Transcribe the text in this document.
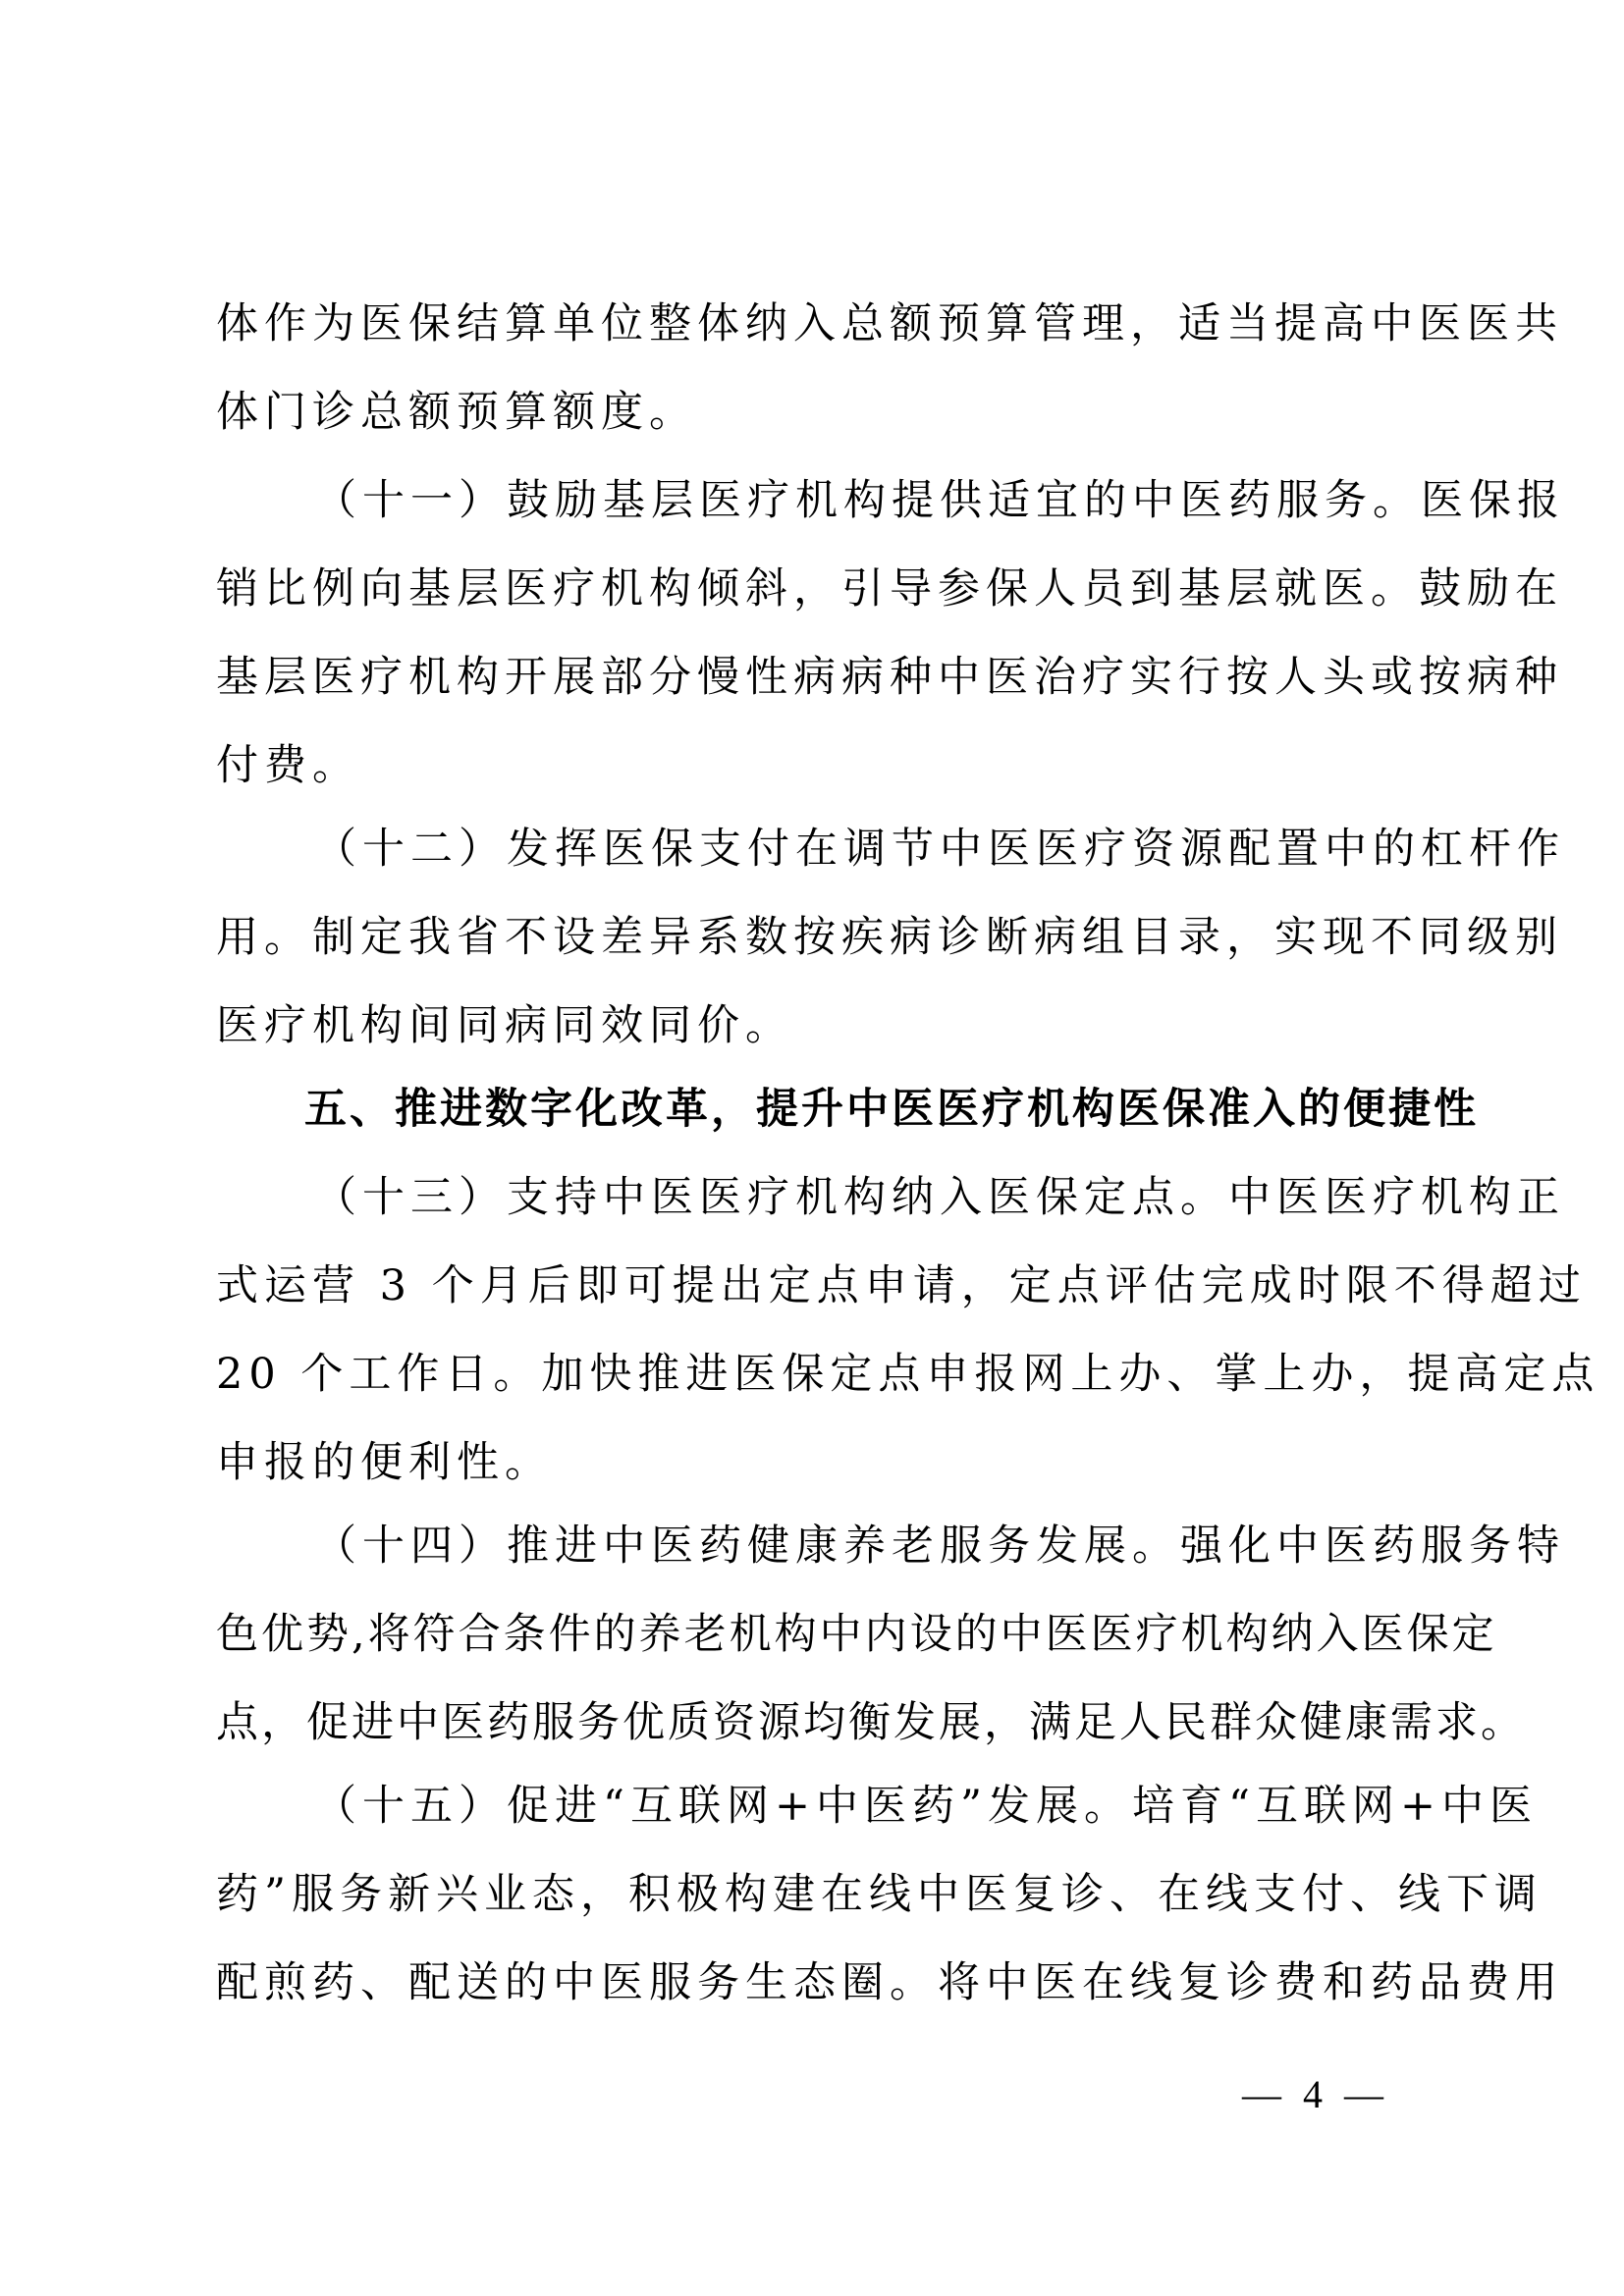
体作为医保结算单位整体纳入总额预算管理，适当提高中医医共
体门诊总额预算额度。
（十一）鼓励基层医疗机构提供适宜的中医药服务。医保报
销比例向基层医疗机构倾斜，引导参保人员到基层就医。鼓励在
基层医疗机构开展部分慢性病病种中医治疗实行按人头或按病种
付费。
（十二）发挥医保支付在调节中医医疗资源配置中的杠杆作
用。制定我省不设差异系数按疾病诊断病组目录，实现不同级别
医疗机构间同病同效同价。
五、推进数字化改革，提升中医医疗机构医保准入的便捷性
（十三）支持中医医疗机构纳入医保定点。中医医疗机构正
式运营 3 个月后即可提出定点申请，定点评估完成时限不得超过
20 个工作日。加快推进医保定点申报网上办、掌上办，提高定点
申报的便利性。
（十四）推进中医药健康养老服务发展。强化中医药服务特
色优势,将符合条件的养老机构中内设的中医医疗机构纳入医保定
点，促进中医药服务优质资源均衡发展，满足人民群众健康需求。
（十五）促进“互联网+中医药”发展。培育“互联网+中医
药”服务新兴业态，积极构建在线中医复诊、在线支付、线下调
配煎药、配送的中医服务生态圈。将中医在线复诊费和药品费用
— 4 —
